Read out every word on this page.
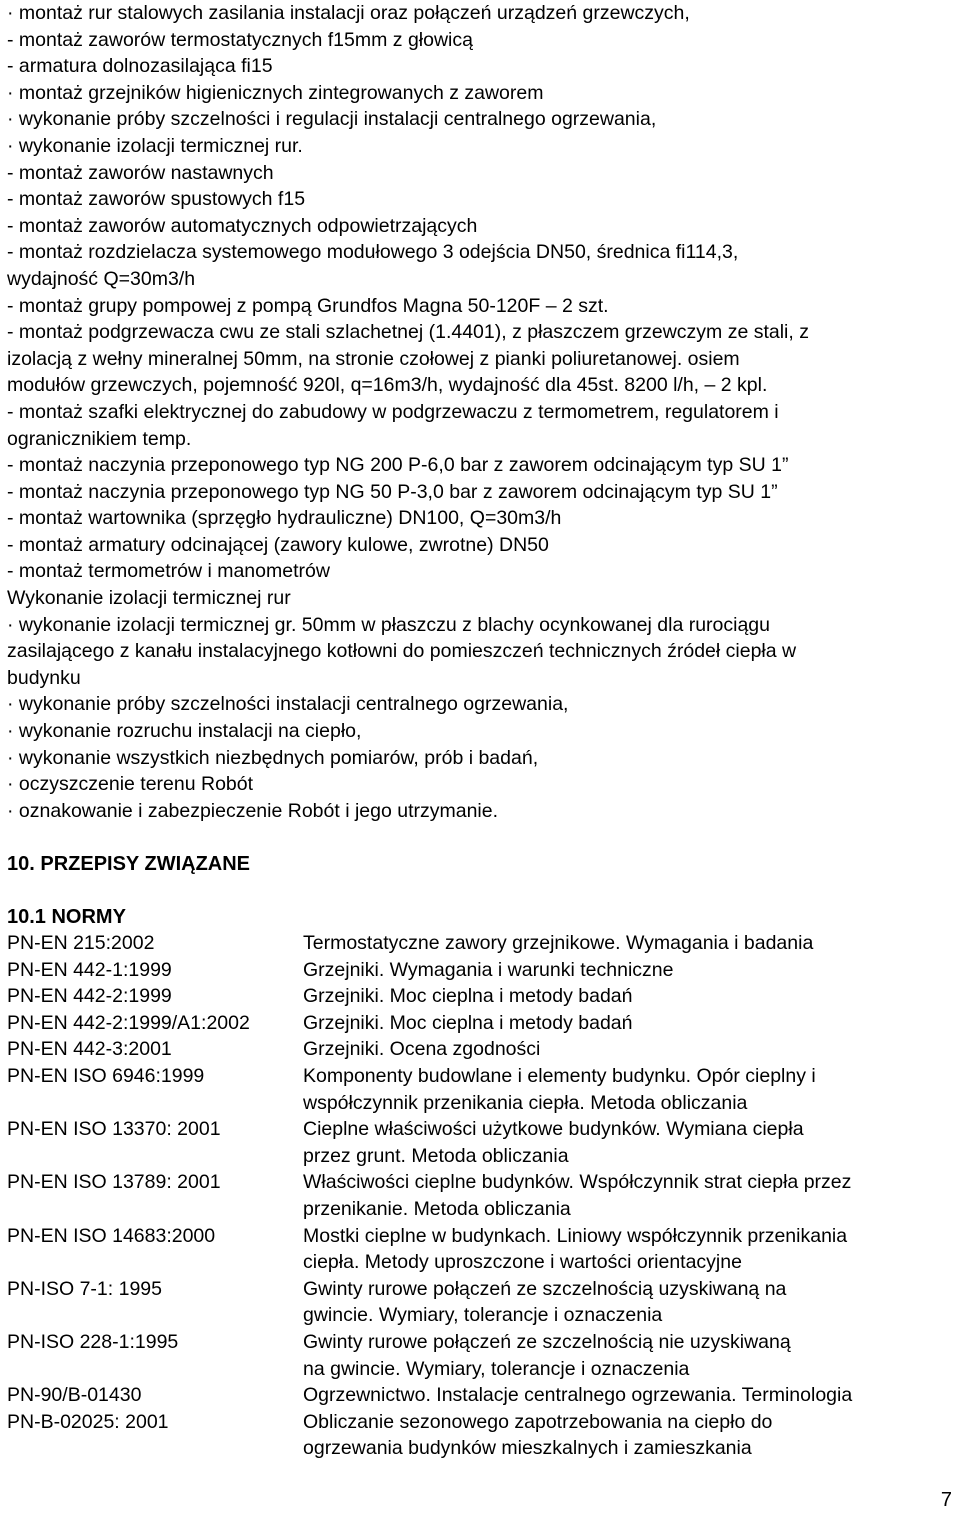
· montaż rur stalowych zasilania instalacji oraz połączeń urządzeń grzewczych,
- montaż zaworów termostatycznych f15mm z głowicą
- armatura dolnozasilająca fi15
· montaż grzejników higienicznych zintegrowanych z zaworem
· wykonanie próby szczelności i regulacji instalacji centralnego ogrzewania,
· wykonanie izolacji termicznej rur.
- montaż zaworów nastawnych
- montaż zaworów spustowych f15
- montaż zaworów automatycznych odpowietrzających
- montaż rozdzielacza systemowego modułowego 3 odejścia DN50, średnica fi114,3,
wydajność Q=30m3/h
- montaż grupy pompowej z pompą Grundfos Magna 50-120F – 2 szt.
- montaż podgrzewacza cwu ze stali szlachetnej (1.4401), z płaszczem grzewczym ze stali, z
izolacją z wełny mineralnej 50mm, na stronie czołowej z pianki poliuretanowej. osiem
modułów grzewczych, pojemność 920l, q=16m3/h, wydajność dla 45st. 8200 l/h, – 2 kpl.
- montaż szafki elektrycznej do zabudowy w podgrzewaczu z termometrem, regulatorem i
ogranicznikiem temp.
- montaż naczynia przeponowego typ NG 200 P-6,0 bar z zaworem odcinającym typ SU 1”
- montaż naczynia przeponowego typ NG 50 P-3,0 bar z zaworem odcinającym typ SU 1”
- montaż wartownika (sprzęgło hydrauliczne) DN100, Q=30m3/h
- montaż armatury odcinającej (zawory kulowe, zwrotne) DN50
- montaż termometrów i manometrów
Wykonanie izolacji termicznej rur
· wykonanie izolacji termicznej gr. 50mm w płaszczu z blachy ocynkowanej dla rurociągu
zasilającego z kanału instalacyjnego kotłowni do pomieszczeń technicznych źródeł ciepła w
budynku
· wykonanie próby szczelności instalacji centralnego ogrzewania,
· wykonanie rozruchu instalacji na ciepło,
· wykonanie wszystkich niezbędnych pomiarów, prób i badań,
· oczyszczenie terenu Robót
· oznakowanie i zabezpieczenie Robót i jego utrzymanie.
10. PRZEPISY ZWIĄZANE
10.1 NORMY
PN-EN 215:2002	Termostatyczne zawory grzejnikowe. Wymagania i badania
PN-EN 442-1:1999	Grzejniki. Wymagania i warunki techniczne
PN-EN 442-2:1999	Grzejniki. Moc cieplna i metody badań
PN-EN 442-2:1999/A1:2002	Grzejniki. Moc cieplna i metody badań
PN-EN 442-3:2001	Grzejniki. Ocena zgodności
PN-EN ISO 6946:1999	Komponenty budowlane i elementy budynku. Opór cieplny i
współczynnik przenikania ciepła. Metoda obliczania
PN-EN ISO 13370: 2001	Cieplne właściwości użytkowe budynków. Wymiana ciepła
przez grunt. Metoda obliczania
PN-EN ISO 13789: 2001	Właściwości cieplne budynków. Współczynnik strat ciepła przez
przenikanie. Metoda obliczania
PN-EN ISO 14683:2000	Mostki cieplne w budynkach. Liniowy współczynnik przenikania
ciepła. Metody uproszczone i wartości orientacyjne
PN-ISO 7-1: 1995	Gwinty rurowe połączeń ze szczelnością uzyskiwaną na
gwincie. Wymiary, tolerancje i oznaczenia
PN-ISO 228-1:1995	Gwinty rurowe połączeń ze szczelnością nie uzyskiwaną
na gwincie. Wymiary, tolerancje i oznaczenia
PN-90/B-01430	Ogrzewnictwo. Instalacje centralnego ogrzewania. Terminologia
PN-B-02025: 2001	Obliczanie sezonowego zapotrzebowania na ciepło do
ogrzewania budynków mieszkalnych i zamieszkania
7
